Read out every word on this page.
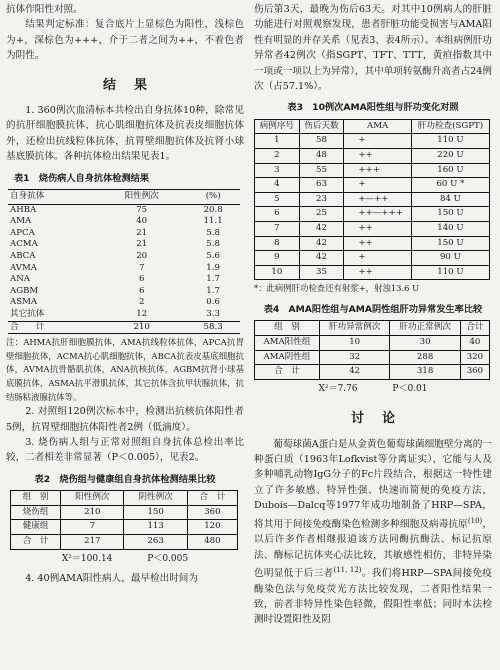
抗体作阳性对照。

结果判定标准：复合底片上显棕色为阳性，浅棕色为+，深棕色为+++，介于二者之间为++，不着色者为阴性。

结果

1. 360例次血清标本共检出自身抗体10种，除常见的抗肝细胞膜抗体，抗心肌细胞抗体及抗表皮细胞抗体外，还检出抗线粒体抗体，抗胃壁细胞抗体及抗肾小球基底膜抗体。各种抗体检出结果见表1。

表1　烧伤病人自身抗体检测结果
自身抗体	阳性例次	(%)
AHBA	75	20.8
AMA	40	11.1
APCA	21	5.8
ACMA	21	5.8
ABCA	20	5.6
AVMA	7	1.9
ANA	6	1.7
AGBM	6	1.7
ASMA	2	0.6
其它抗体	12	3.3
合　　计	210	58.3

注：AHMA抗肝细胞膜抗体，AMA抗线粒体抗体，APCA抗胃壁细胞抗体，ACMA抗心肌细胞抗体，ABCA抗表皮基底细胞抗体，AVMA抗骨骼肌抗体，ANA抗核抗体，AGBM抗肾小球基底膜抗体，ASMA抗平滑肌抗体，其它抗体含抗甲状腺抗体，抗结肠粘液腺抗体等。

2. 对照组120例次标本中，检测出抗核抗体阳性者5例，抗胃壁细胞抗体阳性者2例（低滴度）。

3. 烧伤病人组与正常对照组自身抗体总检出率比较，二者相差非常显著（P＜0.005），见表2。

表2　烧伤组与健康组自身抗体检测结果比较
组　别	阳性例次	阴性例次	合　计
烧伤组	210	150	360
健康组	7	113	120
合　计	217	263	480
X²＝100.14	P＜0.005

4. 40例AMA阳性病人，最早检出时间为

伤后第3天，最晚为伤后63天。对其中10例病人的肝脏功能进行对照观察发现，患者肝脏功能受损害与AMA阳性有明显的并存关系（见表3、表4所示）。本组病例肝功异常者42例次（指SGPT、TFT、TTT，黄疸指数其中一项或一项以上为异常），其中单项转氨酶升高者占24例次（占57.1%）。

表3　10例次AMA阳性组与肝功变化对照
病例序号	伤后天数	AMA	肝功检查(SGPT)
1	58	+	110 U
2	48	++	220 U
3	55	+++	160 U
4	63	+	60 U *
5	23	+—++	84 U
6	25	++—+++	150 U
7	42	++	140 U
8	42	++	150 U
9	42	+	90 U
10	35	++	110 U

*：此病例肝功检查还有射浆+，射浊13.6 U

表4　AMA阳性组与AMA阴性组肝功异常发生率比较
组　别	肝功异常例次	肝功正常例次	合计
AMA阳性组	10	30	40
AMA阴性组	32	288	320
合　计	42	318	360
X²＝7.76	P＜0.01
讨论

葡萄球菌A蛋白是从金黄色葡萄球菌细胞壁分离的一种蛋白质（1963年Lofkvist等分离证实），它能与人及多种哺乳动物IgG分子的Fc片段结合，根据这一特性建立了许多敏感、特异性强、快速而简便的免疫方法，Dubois—Dalcq等1977年成功地制备了HRP—SPA，将其用于间接免疫酶染色检测多种细胞及病毒抗原$^{(10)}$，以后许多作者相继报道该方法同酶抗酶法、标记抗原法、酶标记抗体夹心法比较，其敏感性相仿，非特异染色明显低于后三者$^{(11, 12)}$。我们将HRP—SPA间接免疫酶染色法与免疫荧光方法比较发现，二者阳性结果一致，前者非特异性染色轻微，假阳性率低；同时本法检测时设置阳性及阴
